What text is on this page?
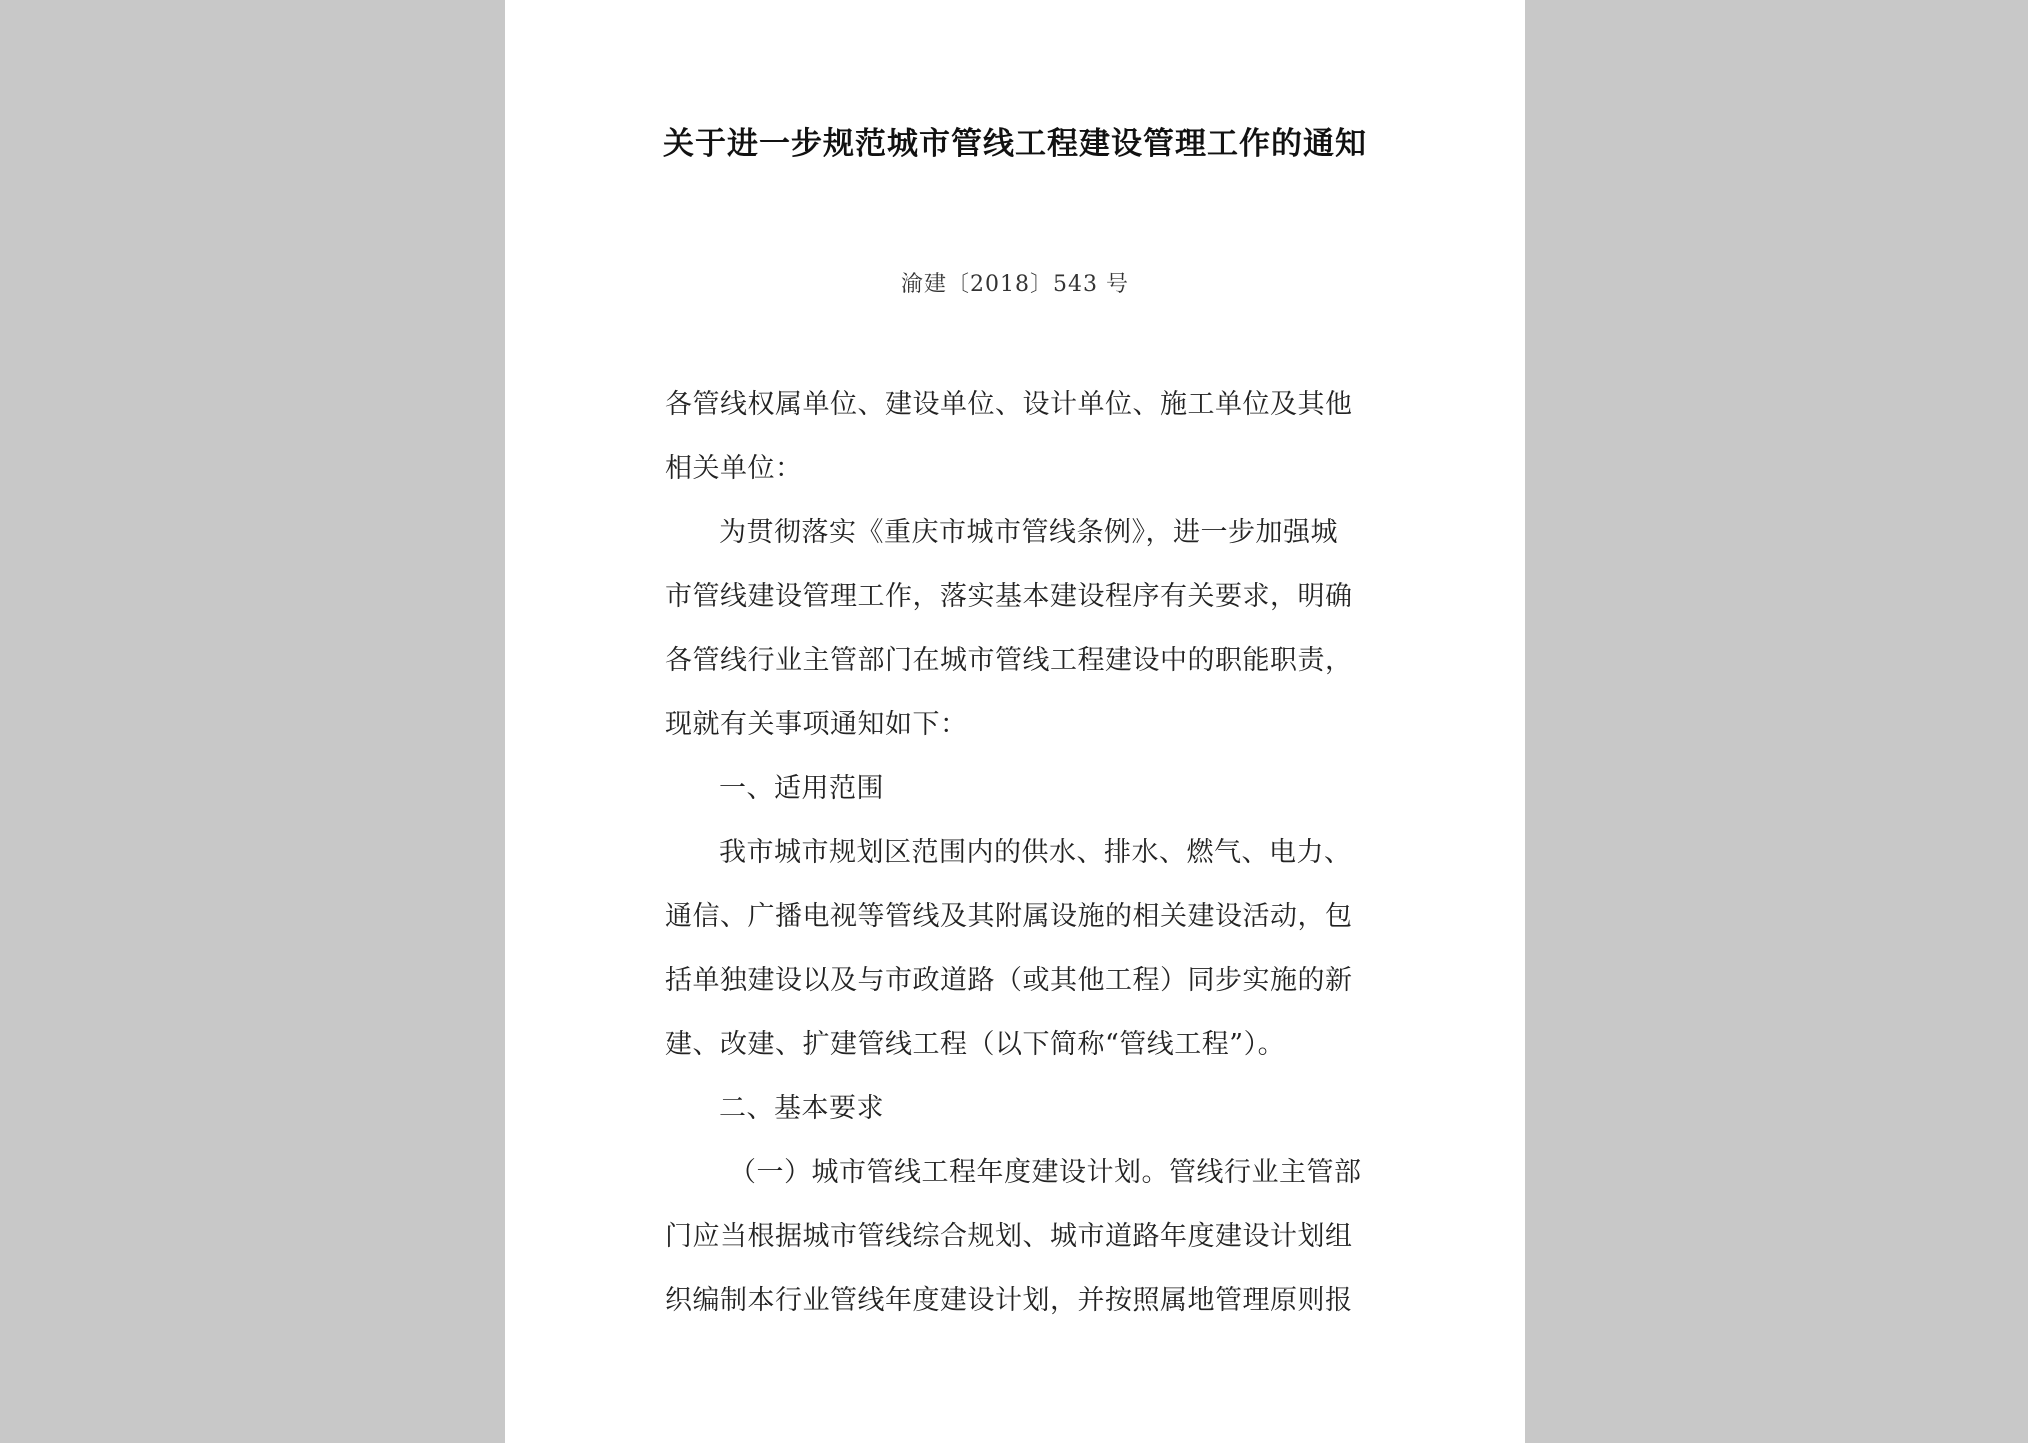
关于进一步规范城市管线工程建设管理工作的通知
渝建〔2018〕543 号
各管线权属单位、建设单位、设计单位、施工单位及其他
相关单位：
为贯彻落实《重庆市城市管线条例》，进一步加强城
市管线建设管理工作，落实基本建设程序有关要求，明确
各管线行业主管部门在城市管线工程建设中的职能职责，
现就有关事项通知如下：
一、适用范围
我市城市规划区范围内的供水、排水、燃气、电力、
通信、广播电视等管线及其附属设施的相关建设活动，包
括单独建设以及与市政道路（或其他工程）同步实施的新
建、改建、扩建管线工程（以下简称“管线工程”）。
二、基本要求
（一）城市管线工程年度建设计划。管线行业主管部
门应当根据城市管线综合规划、城市道路年度建设计划组
织编制本行业管线年度建设计划，并按照属地管理原则报
